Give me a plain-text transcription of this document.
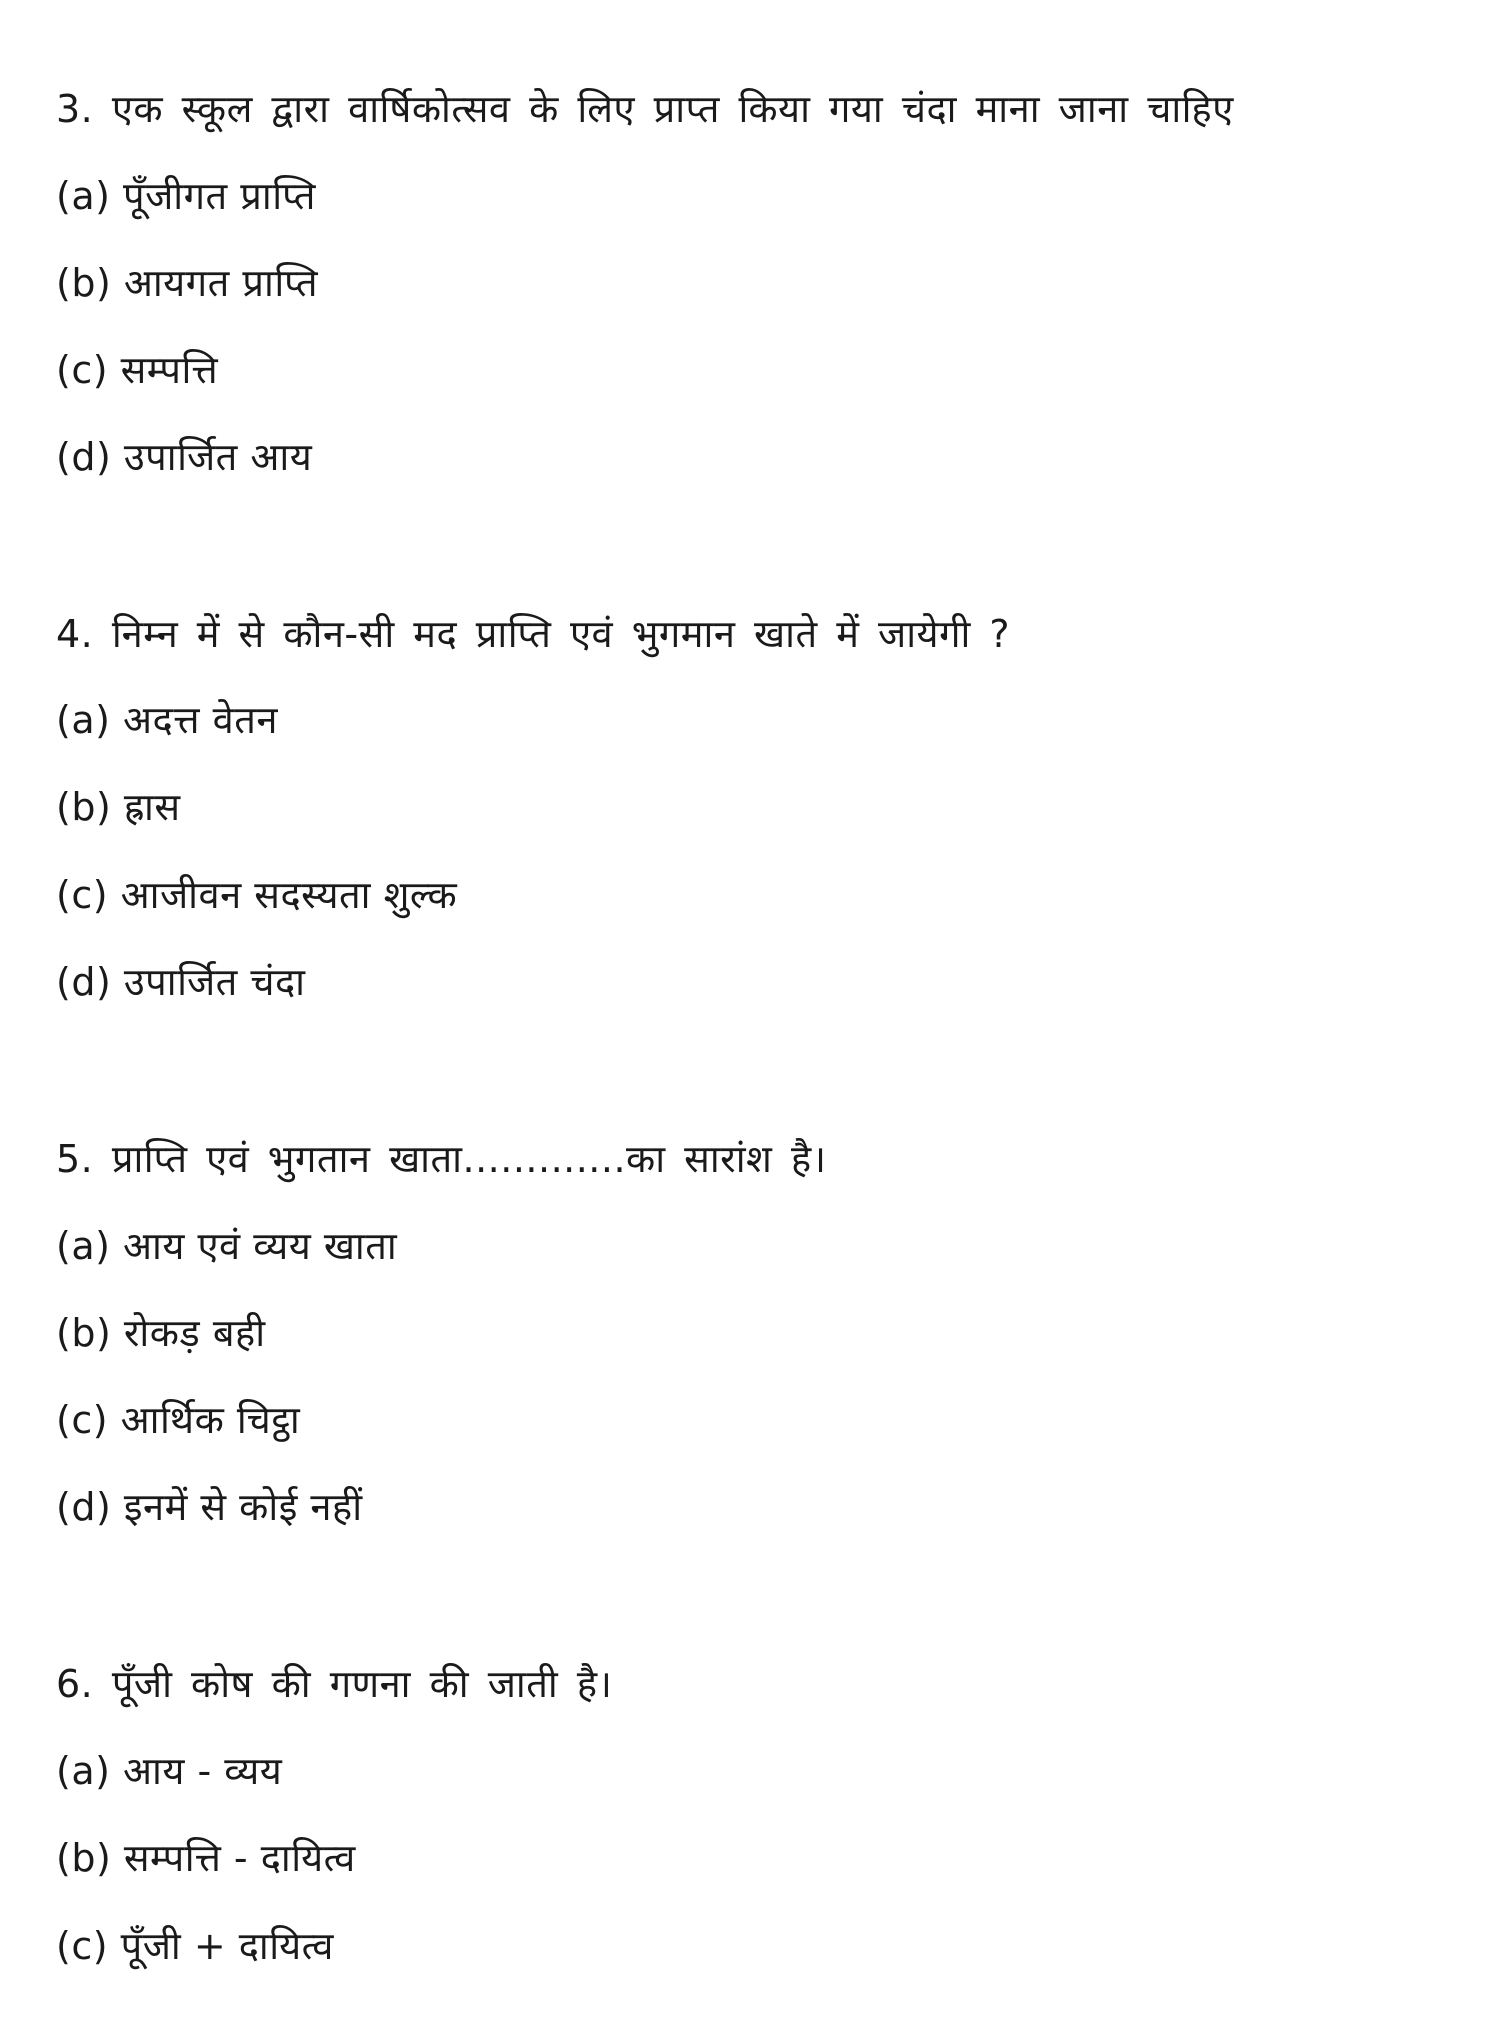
3. एक स्कूल द्वारा वार्षिकोत्सव के लिए प्राप्त किया गया चंदा माना जाना चाहिए
(a) पूँजीगत प्राप्ति
(b) आयगत प्राप्ति
(c) सम्पत्ति
(d) उपार्जित आय
4. निम्न में से कौन-सी मद प्राप्ति एवं भुगमान खाते में जायेगी ?
(a) अदत्त वेतन
(b) ह्रास
(c) आजीवन सदस्यता शुल्क
(d) उपार्जित चंदा
5. प्राप्ति एवं भुगतान खाता.............का सारांश है।
(a) आय एवं व्यय खाता
(b) रोकड़ बही
(c) आर्थिक चिट्ठा
(d) इनमें से कोई नहीं
6. पूँजी कोष की गणना की जाती है।
(a) आय - व्यय
(b) सम्पत्ति - दायित्व
(c) पूँजी + दायित्व
